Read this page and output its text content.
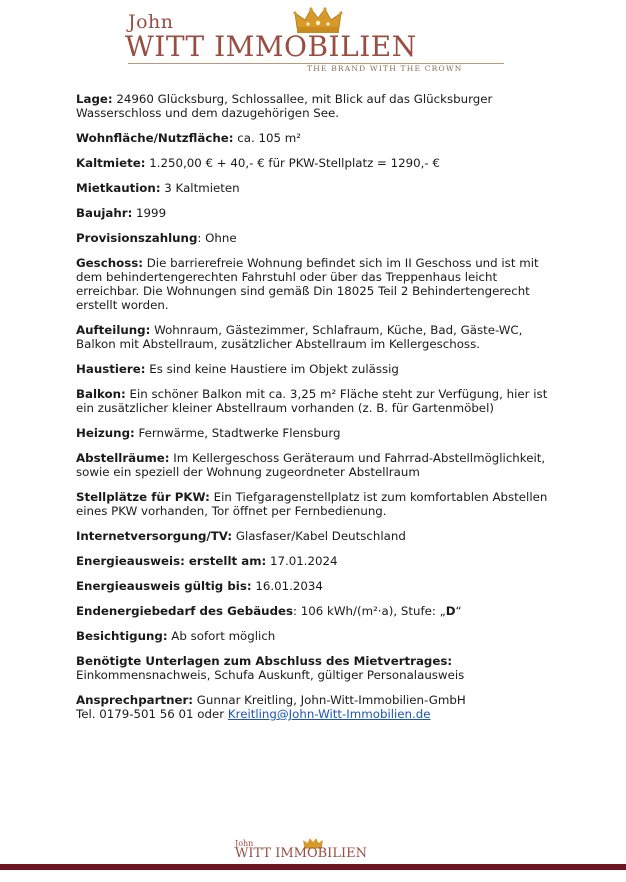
John
WITT IMMOBILIEN
THE BRAND WITH THE CROWN

Lage: 24960 Glücksburg, Schlossallee, mit Blick auf das Glücksburger Wasserschloss und dem dazugehörigen See.

Wohnfläche/Nutzfläche: ca. 105 m²

Kaltmiete: 1.250,00 € + 40,- € für PKW-Stellplatz = 1290,- €

Mietkaution: 3 Kaltmieten

Baujahr: 1999

Provisionszahlung: Ohne

Geschoss: Die barrierefreie Wohnung befindet sich im II Geschoss und ist mit dem behindertengerechten Fahrstuhl oder über das Treppenhaus leicht erreichbar. Die Wohnungen sind gemäß Din 18025 Teil 2 Behindertengerecht erstellt worden.

Aufteilung: Wohnraum, Gästezimmer, Schlafraum, Küche, Bad, Gäste-WC, Balkon mit Abstellraum, zusätzlicher Abstellraum im Kellergeschoss.

Haustiere: Es sind keine Haustiere im Objekt zulässig

Balkon: Ein schöner Balkon mit ca. 3,25 m² Fläche steht zur Verfügung, hier ist ein zusätzlicher kleiner Abstellraum vorhanden (z. B. für Gartenmöbel)

Heizung: Fernwärme, Stadtwerke Flensburg

Abstellräume: Im Kellergeschoss Geräteraum und Fahrrad-Abstellmöglichkeit, sowie ein speziell der Wohnung zugeordneter Abstellraum

Stellplätze für PKW: Ein Tiefgaragenstellplatz ist zum komfortablen Abstellen eines PKW vorhanden, Tor öffnet per Fernbedienung.

Internetversorgung/TV: Glasfaser/Kabel Deutschland

Energieausweis: erstellt am: 17.01.2024

Energieausweis gültig bis: 16.01.2034

Endenergiebedarf des Gebäudes: 106 kWh/(m²·a), Stufe: „D“

Besichtigung: Ab sofort möglich

Benötigte Unterlagen zum Abschluss des Mietvertrages:
Einkommensnachweis, Schufa Auskunft, gültiger Personalausweis

Ansprechpartner: Gunnar Kreitling, John-Witt-Immobilien-GmbH
Tel. 0179-501 56 01 oder Kreitling@John-Witt-Immobilien.de

John
WITT IMMOBILIEN
